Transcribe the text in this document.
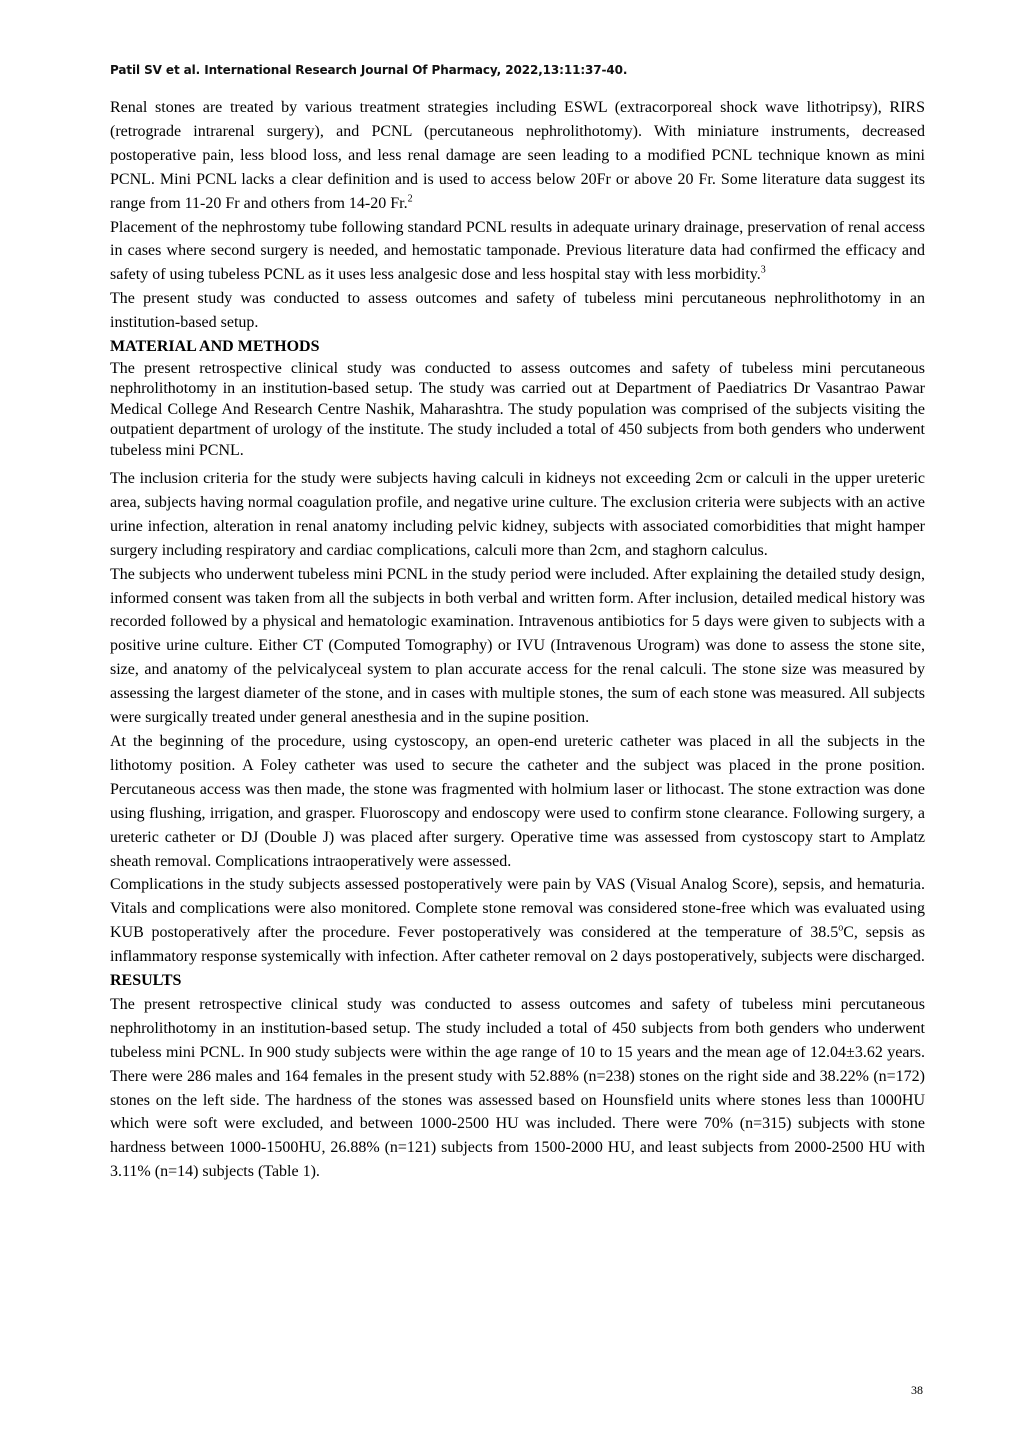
Patil SV et al. International Research Journal Of Pharmacy, 2022,13:11:37-40.

Renal stones are treated by various treatment strategies including ESWL (extracorporeal shock wave lithotripsy), RIRS (retrograde intrarenal surgery), and PCNL (percutaneous nephrolithotomy). With miniature instruments, decreased postoperative pain, less blood loss, and less renal damage are seen leading to a modified PCNL technique known as mini PCNL. Mini PCNL lacks a clear definition and is used to access below 20Fr or above 20 Fr. Some literature data suggest its range from 11-20 Fr and others from 14-20 Fr.$^2$

Placement of the nephrostomy tube following standard PCNL results in adequate urinary drainage, preservation of renal access in cases where second surgery is needed, and hemostatic tamponade. Previous literature data had confirmed the efficacy and safety of using tubeless PCNL as it uses less analgesic dose and less hospital stay with less morbidity.$^3$

The present study was conducted to assess outcomes and safety of tubeless mini percutaneous nephrolithotomy in an institution-based setup.

MATERIAL AND METHODS

The present retrospective clinical study was conducted to assess outcomes and safety of tubeless mini percutaneous nephrolithotomy in an institution-based setup. The study was carried out at Department of Paediatrics Dr Vasantrao Pawar Medical College And Research Centre Nashik, Maharashtra. The study population was comprised of the subjects visiting the outpatient department of urology of the institute. The study included a total of 450 subjects from both genders who underwent tubeless mini PCNL.

The inclusion criteria for the study were subjects having calculi in kidneys not exceeding 2cm or calculi in the upper ureteric area, subjects having normal coagulation profile, and negative urine culture. The exclusion criteria were subjects with an active urine infection, alteration in renal anatomy including pelvic kidney, subjects with associated comorbidities that might hamper surgery including respiratory and cardiac complications, calculi more than 2cm, and staghorn calculus.

The subjects who underwent tubeless mini PCNL in the study period were included. After explaining the detailed study design, informed consent was taken from all the subjects in both verbal and written form. After inclusion, detailed medical history was recorded followed by a physical and hematologic examination. Intravenous antibiotics for 5 days were given to subjects with a positive urine culture. Either CT (Computed Tomography) or IVU (Intravenous Urogram) was done to assess the stone site, size, and anatomy of the pelvicalyceal system to plan accurate access for the renal calculi. The stone size was measured by assessing the largest diameter of the stone, and in cases with multiple stones, the sum of each stone was measured. All subjects were surgically treated under general anesthesia and in the supine position.

At the beginning of the procedure, using cystoscopy, an open-end ureteric catheter was placed in all the subjects in the lithotomy position. A Foley catheter was used to secure the catheter and the subject was placed in the prone position. Percutaneous access was then made, the stone was fragmented with holmium laser or lithocast. The stone extraction was done using flushing, irrigation, and grasper. Fluoroscopy and endoscopy were used to confirm stone clearance. Following surgery, a ureteric catheter or DJ (Double J) was placed after surgery. Operative time was assessed from cystoscopy start to Amplatz sheath removal. Complications intraoperatively were assessed.

Complications in the study subjects assessed postoperatively were pain by VAS (Visual Analog Score), sepsis, and hematuria. Vitals and complications were also monitored. Complete stone removal was considered stone-free which was evaluated using KUB postoperatively after the procedure. Fever postoperatively was considered at the temperature of 38.5$^o$C, sepsis as inflammatory response systemically with infection. After catheter removal on 2 days postoperatively, subjects were discharged.

RESULTS

The present retrospective clinical study was conducted to assess outcomes and safety of tubeless mini percutaneous nephrolithotomy in an institution-based setup. The study included a total of 450 subjects from both genders who underwent tubeless mini PCNL. In 900 study subjects were within the age range of 10 to 15 years and the mean age of 12.04±3.62 years. There were 286 males and 164 females in the present study with 52.88% (n=238) stones on the right side and 38.22% (n=172) stones on the left side. The hardness of the stones was assessed based on Hounsfield units where stones less than 1000HU which were soft were excluded, and between 1000-2500 HU was included. There were 70% (n=315) subjects with stone hardness between 1000-1500HU, 26.88% (n=121) subjects from 1500-2000 HU, and least subjects from 2000-2500 HU with 3.11% (n=14) subjects (Table 1).

38
